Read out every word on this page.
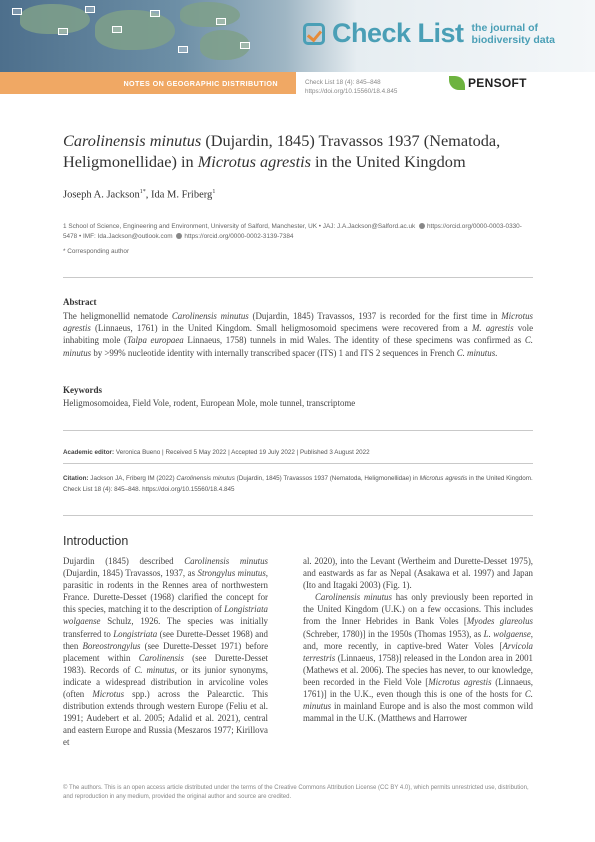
Check List the journal of
biodiversity data
NOTES ON GEOGRAPHIC DISTRIBUTION	Check List 18 (4): 845–848
https://doi.org/10.15560/18.4.845
PENSOFT
Carolinensis minutus (Dujardin, 1845) Travassos 1937 (Nematoda, Heligmonellidae) in Microtus agrestis in the United Kingdom
Joseph A. Jackson$^{1*}$, Ida M. Friberg$^1$
1 School of Science, Engineering and Environment, University of Salford, Manchester, UK • JAJ: J.A.Jackson@Salford.ac.uk https://orcid.org/0000-0003-0330-5478 • IMF: Ida.Jackson@outlook.com https://orcid.org/0000-0002-3139-7384
* Corresponding author
Abstract
The heligmonellid nematode Carolinensis minutus (Dujardin, 1845) Travassos, 1937 is recorded for the first time in Microtus agrestis (Linnaeus, 1761) in the United Kingdom. Small heligmosomoid specimens were recovered from a M. agrestis vole inhabiting mole (Talpa europaea Linnaeus, 1758) tunnels in mid Wales. The identity of these specimens was confirmed as C. minutus by >99% nucleotide identity with internally transcribed spacer (ITS) 1 and ITS 2 sequences in French C. minutus.
Keywords
Heligmosomoidea, Field Vole, rodent, European Mole, mole tunnel, transcriptome
Academic editor: Veronica Bueno | Received 5 May 2022 | Accepted 19 July 2022 | Published 3 August 2022
Citation: Jackson JA, Friberg IM (2022) Carolinensis minutus (Dujardin, 1845) Travassos 1937 (Nematoda, Heligmonellidae) in Microtus agrestis in the United Kingdom. Check List 18 (4): 845–848. https://doi.org/10.15560/18.4.845
Introduction

Dujardin (1845) described Carolinensis minutus (Dujardin, 1845) Travassos, 1937, as Strongylus minutus, parasitic in rodents in the Rennes area of northwestern France. Durette-Desset (1968) clarified the concept for this species, matching it to the description of Longistriata wolgaense Schulz, 1926. The species was initially transferred to Longistriata (see Durette-Desset 1968) and then Boreostrongylus (see Durette-Desset 1971) before placement within Carolinensis (see Durette-Desset 1983). Records of C. minutus, or its junior synonyms, indicate a widespread distribution in arvicoline voles (often Microtus spp.) across the Palearctic. This distribution extends through western Europe (Feliu et al. 1991; Audebert et al. 2005; Adalid et al. 2021), central and eastern Europe and Russia (Meszaros 1977; Kirillova et

al. 2020), into the Levant (Wertheim and Durette-Desset 1975), and eastwards as far as Nepal (Asakawa et al. 1997) and Japan (Ito and Itagaki 2003) (Fig. 1).

Carolinensis minutus has only previously been reported in the United Kingdom (U.K.) on a few occasions. This includes from the Inner Hebrides in Bank Voles [Myodes glareolus (Schreber, 1780)] in the 1950s (Thomas 1953), as L. wolgaense, and, more recently, in captive-bred Water Voles [Arvicola terrestris (Linnaeus, 1758)] released in the London area in 2001 (Mathews et al. 2006). The species has never, to our knowledge, been recorded in the Field Vole [Microtus agrestis (Linnaeus, 1761)] in the U.K., even though this is one of the hosts for C. minutus in mainland Europe and is also the most common wild mammal in the U.K. (Matthews and Harrower

© The authors. This is an open access article distributed under the terms of the Creative Commons Attribution License (CC BY 4.0), which permits unrestricted use, distribution, and reproduction in any medium, provided the original author and source are credited.
